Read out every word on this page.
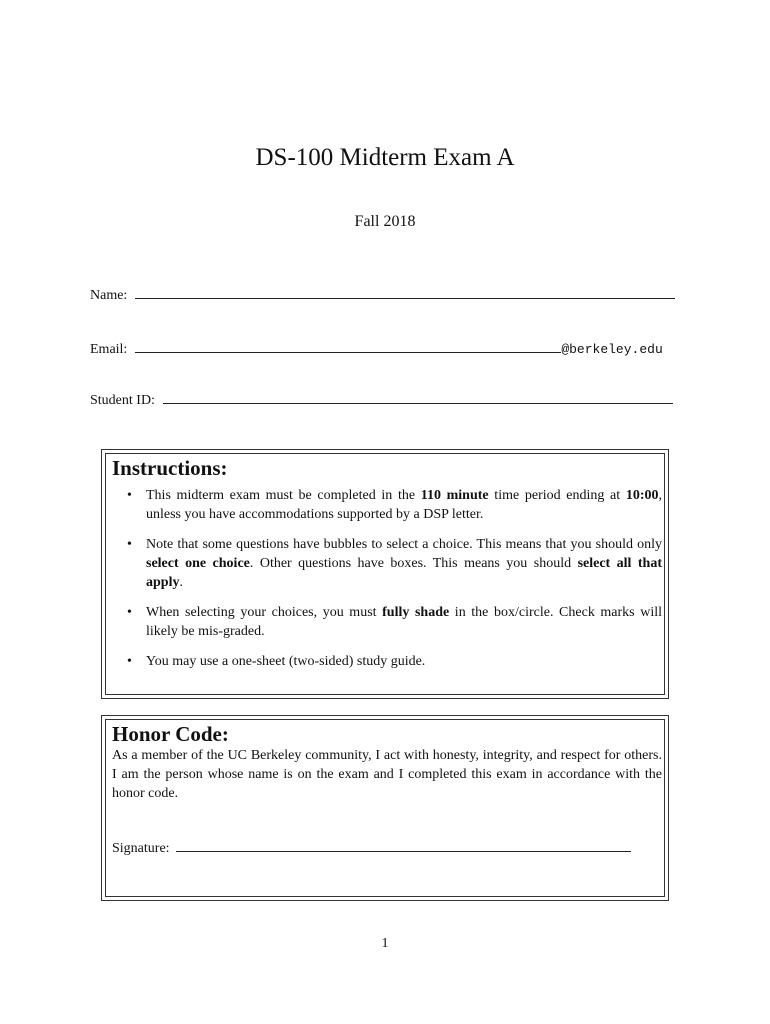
DS-100 Midterm Exam A
Fall 2018
Name:
Email:	@berkeley.edu
Student ID:
Instructions:
• This midterm exam must be completed in the 110 minute time period ending at 10:00, unless you have accommodations supported by a DSP letter.
• Note that some questions have bubbles to select a choice. This means that you should only select one choice. Other questions have boxes. This means you should select all that apply.
• When selecting your choices, you must fully shade in the box/circle. Check marks will likely be mis-graded.
• You may use a one-sheet (two-sided) study guide.
Honor Code:
As a member of the UC Berkeley community, I act with honesty, integrity, and respect for others. I am the person whose name is on the exam and I completed this exam in accordance with the honor code.
Signature:
1
